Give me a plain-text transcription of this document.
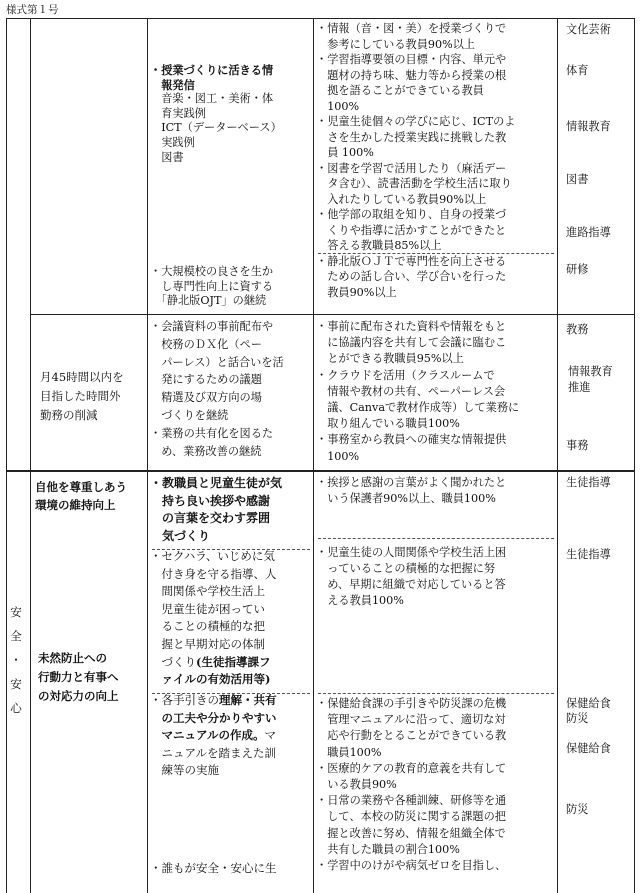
様式第１号
・授業づくりに活きる情
　報発信
　音楽・図工・美術・体
　育実践例
　ICT（データーベース）
　実践例
　図書
・大規模校の良さを生か
　し専門性向上に資する
　「静北版OJT」の継続
・情報（音・図・美）を授業づくりで
　参考にしている教員90%以上
・学習指導要領の目標・内容、単元や
　題材の持ち味、魅力等から授業の根
　拠を語ることができている教員
　100%
・児童生徒個々の学びに応じ、ICTのよ
　さを生かした授業実践に挑戦した教
　員 100%
・図書を学習で活用したり（麻活デー
　タ含む）、読書活動を学校生活に取り
　入れたりしている教員90%以上
・他学部の取組を知り、自身の授業づ
　くりや指導に活かすことができたと
　答える教職員85%以上
・静北版ＯＪＴで専門性を向上させる
　ための話し合い、学び合いを行った
　教員90%以上
文化芸術
体育
情報教育
図書
進路指導
研修
月45時間以内を
目指した時間外
勤務の削減
・会議資料の事前配布や
　校務のＤＸ化（ペー
　パーレス）と話合いを活
　発にするための議題
　精選及び双方向の場
　づくりを継続
・業務の共有化を図るた
　め、業務改善の継続
・事前に配布された資料や情報をもと
　に協議内容を共有して会議に臨むこ
　とができる教職員95%以上
・クラウドを活用（クラスルームで
　情報や教材の共有、ペーパーレス会
　議、Canvaで教材作成等）して業務に
　取り組んでいる職員100%
・事務室から教員への確実な情報提供
　100%
教務
情報教育
推進
事務
安
全
・
安
心
自他を尊重しあう
環境の維持向上
未然防止への
行動力と有事へ
の対応力の向上
・教職員と児童生徒が気
　持ち良い挨拶や感謝
　の言葉を交わす雰囲
　気づくり
・セクハラ、いじめに気
　付き身を守る指導、人
　間関係や学校生活上
　児童生徒が困ってい
　ることの積極的な把
　握と早期対応の体制
　づくり(生徒指導課フ
　ァイルの有効活用等)
・各手引きの理解・共有
　の工夫や分かりやすい
　マニュアルの作成。マ
　ニュアルを踏まえた訓
　練等の実施
・誰もが安全・安心に生
・挨拶と感謝の言葉がよく聞かれたと
　いう保護者90%以上、職員100%
・児童生徒の人間関係や学校生活上困
　っていることの積極的な把握に努
　め、早期に組織で対応していると答
　える教員100%
・保健給食課の手引きや防災課の危機
　管理マニュアルに沿って、適切な対
　応や行動をとることができている教
　職員100%
・医療的ケアの教育的意義を共有して
　いる教員90%
・日常の業務や各種訓練、研修等を通
　して、本校の防災に関する課題の把
　握と改善に努め、情報を組織全体で
　共有した職員の割合100%
・学習中のけがや病気ゼロを目指し、
生徒指導
生徒指導
保健給食
防災
保健給食
防災
